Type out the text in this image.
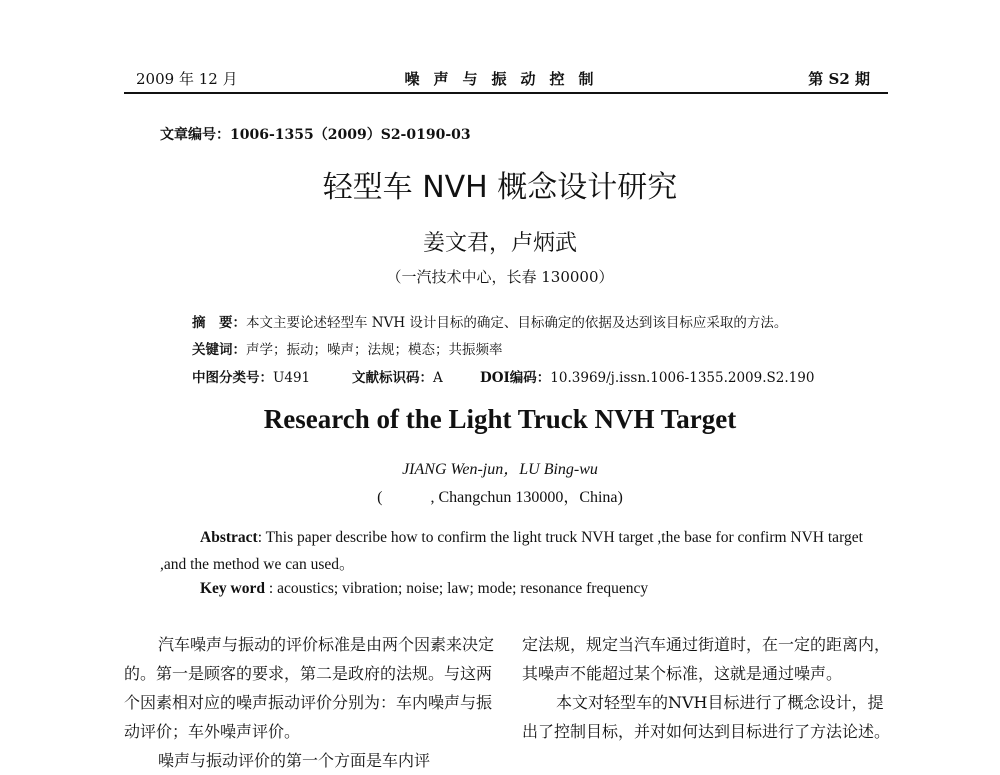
2009 年 12 月	噪声与振动控制	第 S2 期
文章编号：1006-1355（2009）S2-0190-03
轻型车 NVH 概念设计研究
姜文君，卢炳武
（一汽技术中心，长春 130000）
摘　要：本文主要论述轻型车 NVH 设计目标的确定、目标确定的依据及达到该目标应采取的方法。
关键词：声学；振动；噪声；法规；模态；共振频率
中图分类号：U491	文献标识码：A	DOI编码：10.3969/j.issn.1006-1355.2009.S2.190
Research of the Light Truck NVH Target
JIANG Wen-jun，LU Bing-wu
(　　　, Changchun 130000，China)
Abstract: This paper describe how to confirm the light truck NVH target ,the base for confirm NVH target ,and the method we can used。
Key word : acoustics; vibration; noise; law; mode; resonance frequency

汽车噪声与振动的评价标准是由两个因素来决定的。第一是顾客的要求，第二是政府的法规。与这两个因素相对应的噪声振动评价分别为：车内噪声与振动评价；车外噪声评价。

噪声与振动评价的第一个方面是车内评

定法规，规定当汽车通过街道时，在一定的距离内，其噪声不能超过某个标准，这就是通过噪声。

本文对轻型车的NVH目标进行了概念设计，提出了控制目标，并对如何达到目标进行了方法论述。
